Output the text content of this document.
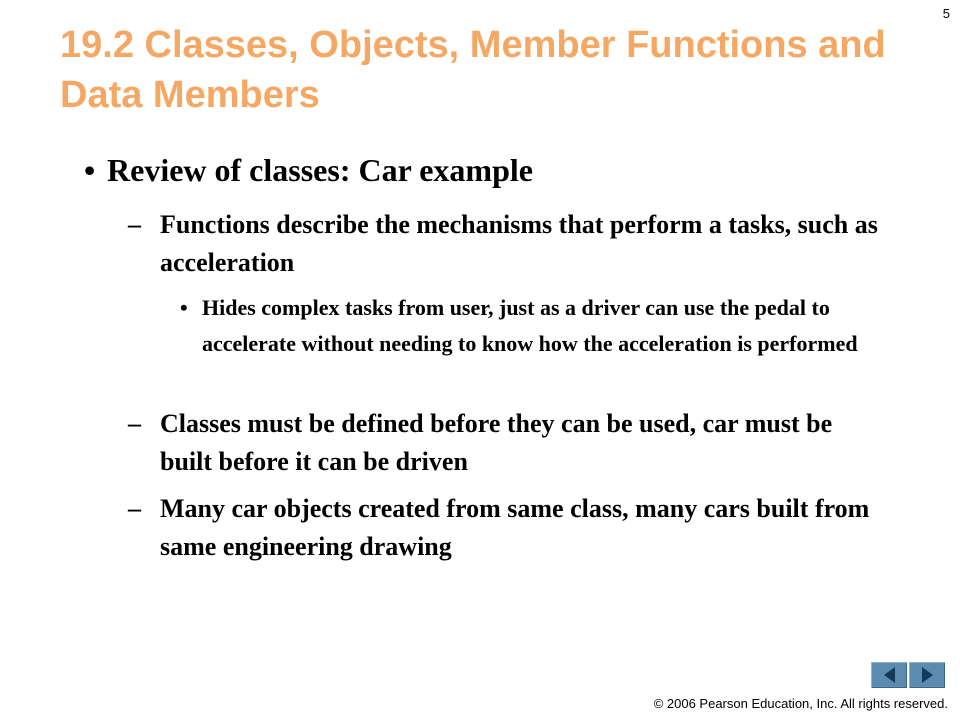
5
19.2 Classes, Objects, Member Functions and Data Members
• Review of classes: Car example
– Functions describe the mechanisms that perform a tasks, such as acceleration
• Hides complex tasks from user, just as a driver can use the pedal to accelerate without needing to know how the acceleration is performed
– Classes must be defined before they can be used, car must be built before it can be driven
– Many car objects created from same class, many cars built from same engineering drawing
© 2006 Pearson Education, Inc. All rights reserved.
